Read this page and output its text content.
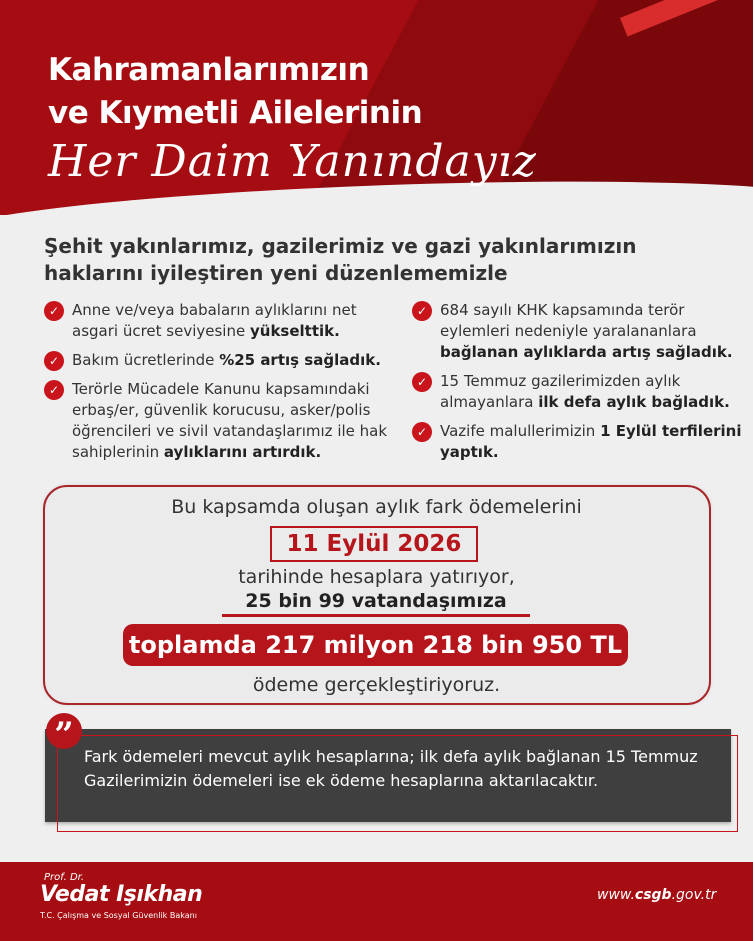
Kahramanlarımızın
ve Kıymetli Ailelerinin
Her Daim Yanındayız
Şehit yakınlarımız, gazilerimiz ve gazi yakınlarımızın haklarını iyileştiren yeni düzenlememizle
✓ Anne ve/veya babaların aylıklarını net asgari ücret seviyesine yükselttik.
✓ Bakım ücretlerinde %25 artış sağladık.
✓ Terörle Mücadele Kanunu kapsamındaki erbaş/er, güvenlik korucusu, asker/polis öğrencileri ve sivil vatandaşlarımız ile hak sahiplerinin aylıklarını artırdık.
✓ 684 sayılı KHK kapsamında terör eylemleri nedeniyle yaralananlara bağlanan aylıklarda artış sağladık.
✓ 15 Temmuz gazilerimizden aylık almayanlara ilk defa aylık bağladık.
✓ Vazife malullerimizin 1 Eylül terfilerini yaptık.
Bu kapsamda oluşan aylık fark ödemelerini
11 Eylül 2026
tarihinde hesaplara yatırıyor,
25 bin 99 vatandaşımıza
toplamda 217 milyon 218 bin 950 TL
ödeme gerçekleştiriyoruz.
Fark ödemeleri mevcut aylık hesaplarına; ilk defa aylık bağlanan 15 Temmuz Gazilerimizin ödemeleri ise ek ödeme hesaplarına aktarılacaktır.
”
Prof. Dr.
Vedat Işıkhan
T.C. Çalışma ve Sosyal Güvenlik Bakanı
www.csgb.gov.tr
